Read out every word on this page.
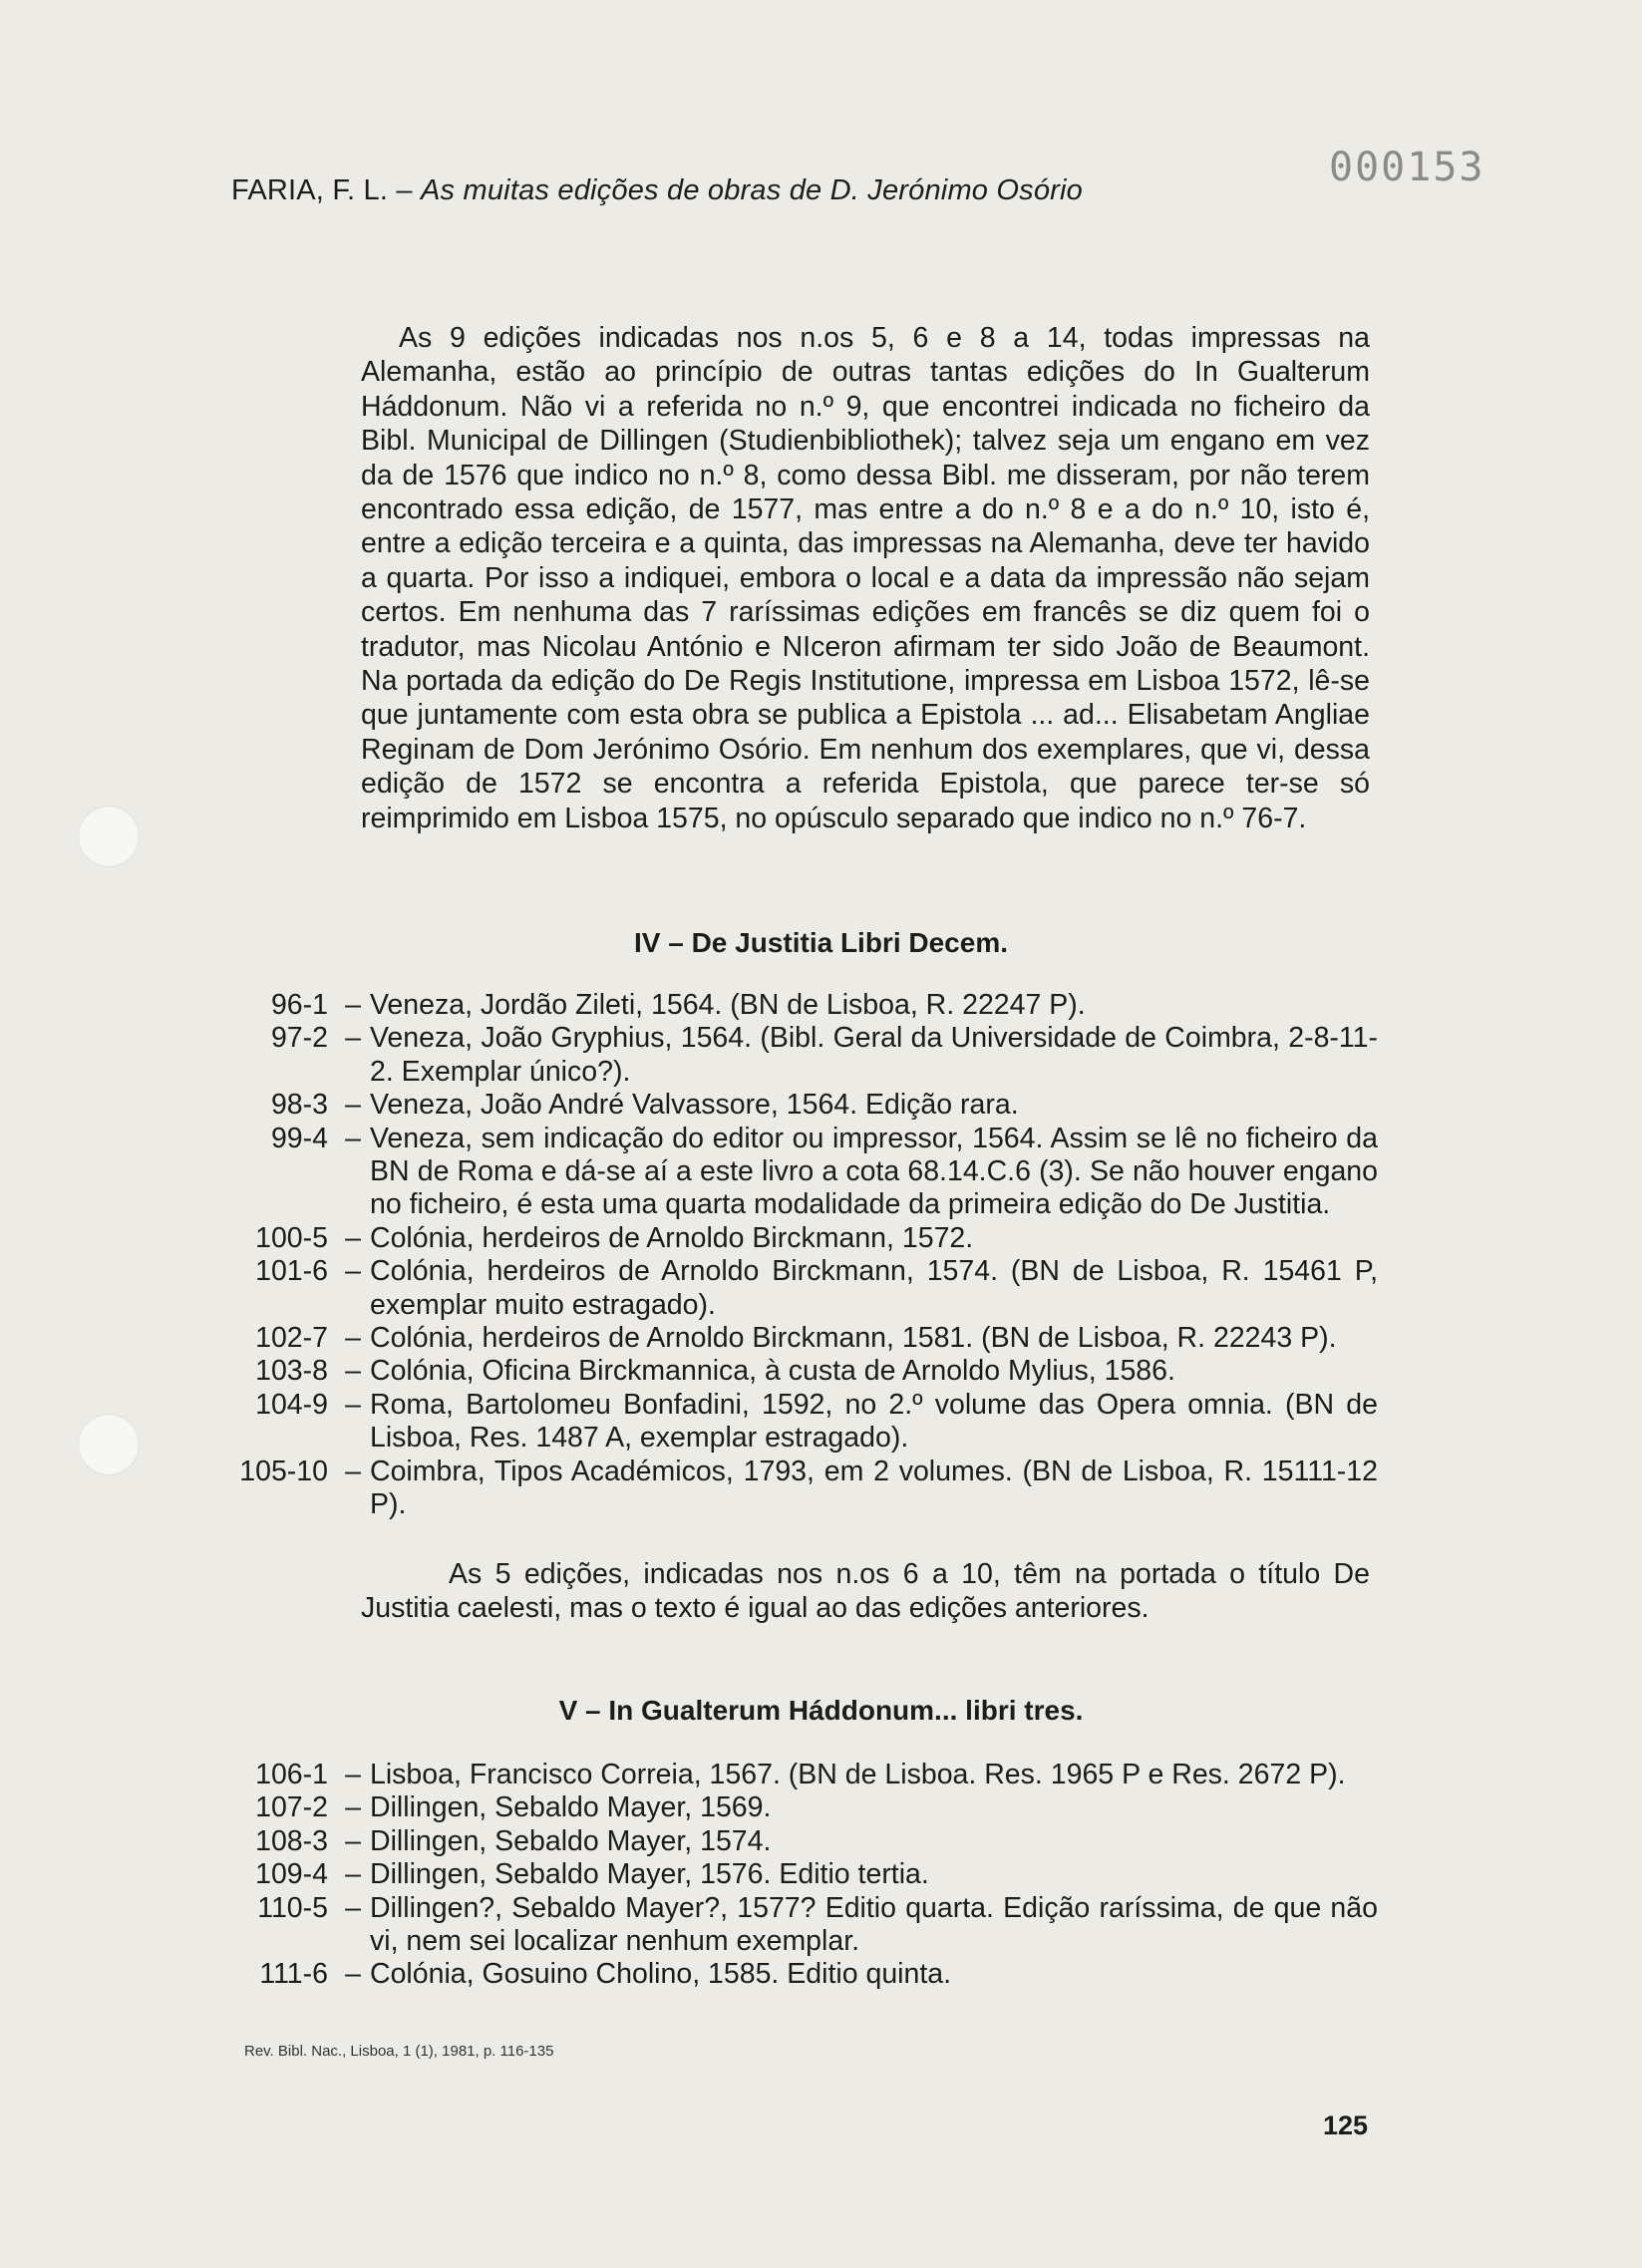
FARIA, F. L. – As muitas edições de obras de D. Jerónimo Osório	000153

As 9 edições indicadas nos n.os 5, 6 e 8 a 14, todas impressas na Alemanha, estão ao princípio de outras tantas edições do In Gualterum Háddonum. Não vi a referida no n.º 9, que encontrei indicada no ficheiro da Bibl. Municipal de Dillingen (Studienbibliothek); talvez seja um engano em vez da de 1576 que indico no n.º 8, como dessa Bibl. me disseram, por não terem encontrado essa edição, de 1577, mas entre a do n.º 8 e a do n.º 10, isto é, entre a edição terceira e a quinta, das impressas na Alemanha, deve ter havido a quarta. Por isso a indiquei, embora o local e a data da impressão não sejam certos. Em nenhuma das 7 raríssimas edições em francês se diz quem foi o tradutor, mas Nicolau António e NIceron afirmam ter sido João de Beaumont. Na portada da edição do De Regis Institutione, impressa em Lisboa 1572, lê-se que juntamente com esta obra se publica a Epistola ... ad... Elisabetam Angliae Reginam de Dom Jerónimo Osório. Em nenhum dos exemplares, que vi, dessa edição de 1572 se encontra a referida Epistola, que parece ter-se só reimprimido em Lisboa 1575, no opúsculo separado que indico no n.º 76-7.

IV – De Justitia Libri Decem.
96-1 – Veneza, Jordão Zileti, 1564. (BN de Lisboa, R. 22247 P).
97-2 – Veneza, João Gryphius, 1564. (Bibl. Geral da Universidade de Coimbra, 2-8-11-2. Exemplar único?).
98-3 – Veneza, João André Valvassore, 1564. Edição rara.
99-4 – Veneza, sem indicação do editor ou impressor, 1564. Assim se lê no ficheiro da BN de Roma e dá-se aí a este livro a cota 68.14.C.6 (3). Se não houver engano no ficheiro, é esta uma quarta modalidade da primeira edição do De Justitia.
100-5 – Colónia, herdeiros de Arnoldo Birckmann, 1572.
101-6 – Colónia, herdeiros de Arnoldo Birckmann, 1574. (BN de Lisboa, R. 15461 P, exemplar muito estragado).
102-7 – Colónia, herdeiros de Arnoldo Birckmann, 1581. (BN de Lisboa, R. 22243 P).
103-8 – Colónia, Oficina Birckmannica, à custa de Arnoldo Mylius, 1586.
104-9 – Roma, Bartolomeu Bonfadini, 1592, no 2.º volume das Opera omnia. (BN de Lisboa, Res. 1487 A, exemplar estragado).
105-10 – Coimbra, Tipos Académicos, 1793, em 2 volumes. (BN de Lisboa, R. 15111-12 P).

As 5 edições, indicadas nos n.os 6 a 10, têm na portada o título De Justitia caelesti, mas o texto é igual ao das edições anteriores.

V – In Gualterum Háddonum... libri tres.
106-1 – Lisboa, Francisco Correia, 1567. (BN de Lisboa. Res. 1965 P e Res. 2672 P).
107-2 – Dillingen, Sebaldo Mayer, 1569.
108-3 – Dillingen, Sebaldo Mayer, 1574.
109-4 – Dillingen, Sebaldo Mayer, 1576. Editio tertia.
110-5 – Dillingen?, Sebaldo Mayer?, 1577? Editio quarta. Edição raríssima, de que não vi, nem sei localizar nenhum exemplar.
111-6 – Colónia, Gosuino Cholino, 1585. Editio quinta.
Rev. Bibl. Nac., Lisboa, 1 (1), 1981, p. 116-135
125
